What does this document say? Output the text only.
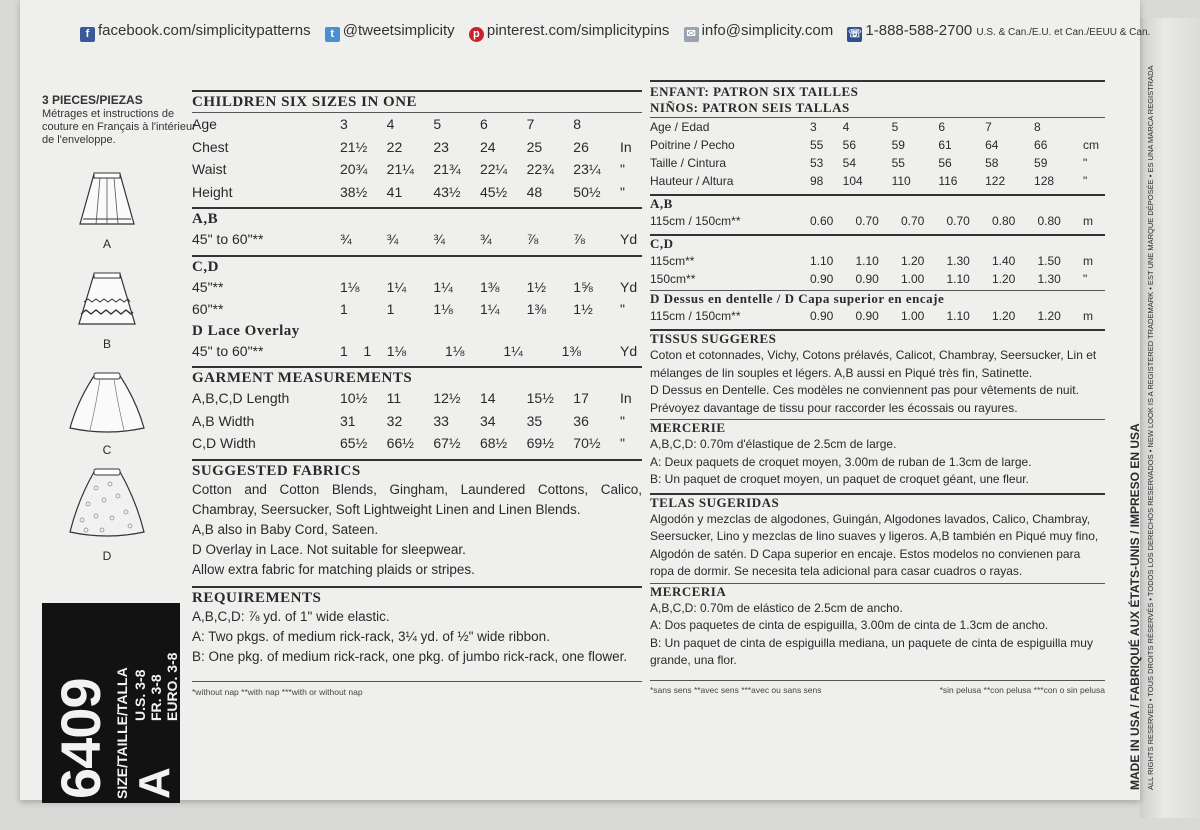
f facebook.com/simplicitypatterns t @tweetsimplicity p pinterest.com/simplicitypins ✉ info@simplicity.com ☏ 1-888-588-2700 U.S. & Can./E.U. et Can./EEUU & Can.
3 PIECES/PIEZAS
Métrages et instructions de couture en Français à l'intérieur de l'enveloppe.
A
B
C
D
6409 SIZE/TAILLE/TALLA A
U.S. 3-8 FR. 3-8 EURO. 3-8
CHILDREN SIX SIZES IN ONE
Age	3	4	5	6	7	8	
Chest	21½	22	23	24	25	26	In
Waist	20¾	21¼	21¾	22¼	22¾	23¼	"
Height	38½	41	43½	45½	48	50½	"
A,B
45" to 60"**	¾	¾	¾	¾	⅞	⅞	Yd
C,D
45"**	1⅛	1¼	1¼	1⅜	1½	1⅝	Yd
60"**	1	1	1⅛	1¼	1⅜	1½	"
D Lace Overlay
45" to 60"**	1	1	1⅛	1⅛	1¼	1⅜	Yd
GARMENT MEASUREMENTS
A,B,C,D Length	10½	11	12½	14	15½	17	In
A,B Width	31	32	33	34	35	36	"
C,D Width	65½	66½	67½	68½	69½	70½	"
SUGGESTED FABRICS
Cotton and Cotton Blends, Gingham, Laundered Cottons, Calico, Chambray, Seersucker, Soft Lightweight Linen and Linen Blends.
A,B also in Baby Cord, Sateen.
D Overlay in Lace. Not suitable for sleepwear.
Allow extra fabric for matching plaids or stripes.
REQUIREMENTS
A,B,C,D: ⅞ yd. of 1" wide elastic.
A: Two pkgs. of medium rick-rack, 3¼ yd. of ½" wide ribbon.
B: One pkg. of medium rick-rack, one pkg. of jumbo rick-rack, one flower.
*without nap **with nap ***with or without nap
ENFANT: PATRON SIX TAILLES
NIÑOS: PATRON SEIS TALLAS
Age / Edad	3	4	5	6	7	8	
Poitrine / Pecho	55	56	59	61	64	66	cm
Taille / Cintura	53	54	55	56	58	59	"
Hauteur / Altura	98	104	110	116	122	128	"
A,B
115cm / 150cm**	0.60	0.70	0.70	0.70	0.80	0.80	m
C,D
115cm**	1.10	1.10	1.20	1.30	1.40	1.50	m
150cm**	0.90	0.90	1.00	1.10	1.20	1.30	"
D Dessus en dentelle / D Capa superior en encaje
115cm / 150cm**	0.90	0.90	1.00	1.10	1.20	1.20	m
TISSUS SUGGERES
Coton et cotonnades, Vichy, Cotons prélavés, Calicot, Chambray, Seersucker, Lin et mélanges de lin souples et légers. A,B aussi en Piqué très fin, Satinette.
D Dessus en Dentelle. Ces modèles ne conviennent pas pour vêtements de nuit.
Prévoyez davantage de tissu pour raccorder les écossais ou rayures.
MERCERIE
A,B,C,D: 0.70m d'élastique de 2.5cm de large.
A: Deux paquets de croquet moyen, 3.00m de ruban de 1.3cm de large.
B: Un paquet de croquet moyen, un paquet de croquet géant, une fleur.
TELAS SUGERIDAS
Algodón y mezclas de algodones, Guingán, Algodones lavados, Calico, Chambray, Seersucker, Lino y mezclas de lino suaves y ligeros. A,B también en Piqué muy fino, Algodón de satén. D Capa superior en encaje. Estos modelos no convienen para ropa de dormir. Se necesita tela adicional para casar cuadros o rayas.
MERCERIA
A,B,C,D: 0.70m de elástico de 2.5cm de ancho.
A: Dos paquetes de cinta de espiguilla, 3.00m de cinta de 1.3cm de ancho.
B: Un paquet de cinta de espiguilla mediana, un paquete de cinta de espiguilla muy grande, una flor.
*sans sens **avec sens ***avec ou sans sens	*sin pelusa **con pelusa ***con o sin pelusa MADE IN USA / FABRIQUÉ AUX ÉTATS-UNIS / IMPRESO EN USA ALL RIGHTS RESERVED • TOUS DROITS RÉSERVÉS • TODOS LOS DERECHOS RESERVADOS • NEW LOOK IS A REGISTERED TRADEMARK • EST UNE MARQUE DÉPOSÉE • ES UNA MARCA REGISTRADA
